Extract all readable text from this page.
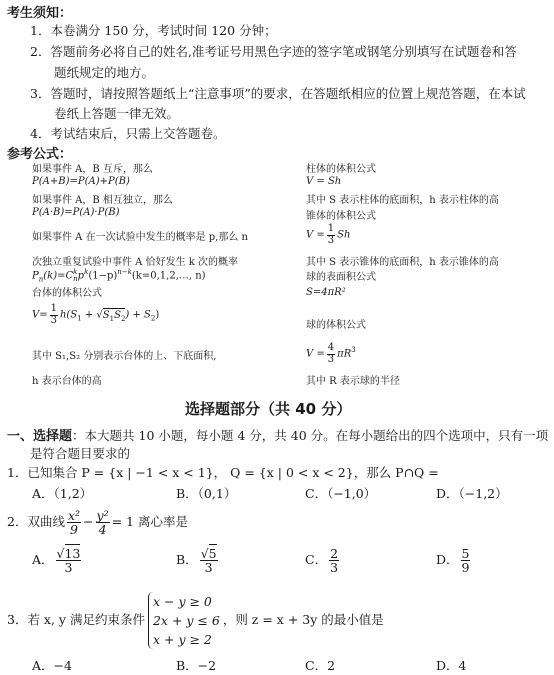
考生须知：
1．本卷满分 150 分，考试时间 120 分钟；
2．答题前务必将自己的姓名,准考证号用黑色字迹的签字笔或钢笔分别填写在试题卷和答
题纸规定的地方。
3．答题时，请按照答题纸上“注意事项”的要求，在答题纸相应的位置上规范答题，在本试
卷纸上答题一律无效。
4．考试结束后，只需上交答题卷。
参考公式：
如果事件 A，B 互斥，那么
P(A+B)=P(A)+P(B)
如果事件 A，B 相互独立，那么
P(A·B)=P(A)·P(B)
如果事件 A 在一次试验中发生的概率是 p,那么 n
次独立重复试验中事件 A 恰好发生 k 次的概率
$P_n(k)=C$ k
n $p^k(1-p)^{n-k}(k=0,1,2,\dots$, n)
台体的体积公式
$V= \frac{1}{3} h(S_1 + √S_1S_2) + S_2$)
其中 S₁,S₂ 分别表示台体的上、下底面积,
h 表示台体的高
柱体的体积公式
V = Sh
其中 S 表示柱体的底面积，h 表示柱体的高
锥体的体积公式
$V = \frac{1}{3}$ Sh
其中 S 表示锥体的底面积，h 表示锥体的高
球的表面积公式
S=4πR²
球的体积公式
$V = \frac{4}{3} \pi R^3$
其中 R 表示球的半径
选择题部分（共 40 分）
一、选择题：本大题共 10 小题，每小题 4 分，共 40 分。在每小题给出的四个选项中，只有一项
是符合题目要求的
1．已知集合 P = {x | −1 < x < 1}， Q = {x | 0 < x < 2}，那么 P∩Q =
A．（1,2）	B．（0,1）	C．（−1,0）	D．（−1,2）
2．双曲线 $\frac{\text{x²}}{9} - \frac{\text{y²}}{4} = 1$ 离心率是
A． $\frac{√13}{3}$	B． $\frac{√5}{3}$	C． $\frac{2}{3}$	D． $\frac{5}{9}$
3．若 x, y 满足约束条件
x − y ≥ 0
2x + y ≤ 6
x + y ≥ 2
，则 z = x + 3y 的最小值是
A．−4	B．−2	C．2	D．4
